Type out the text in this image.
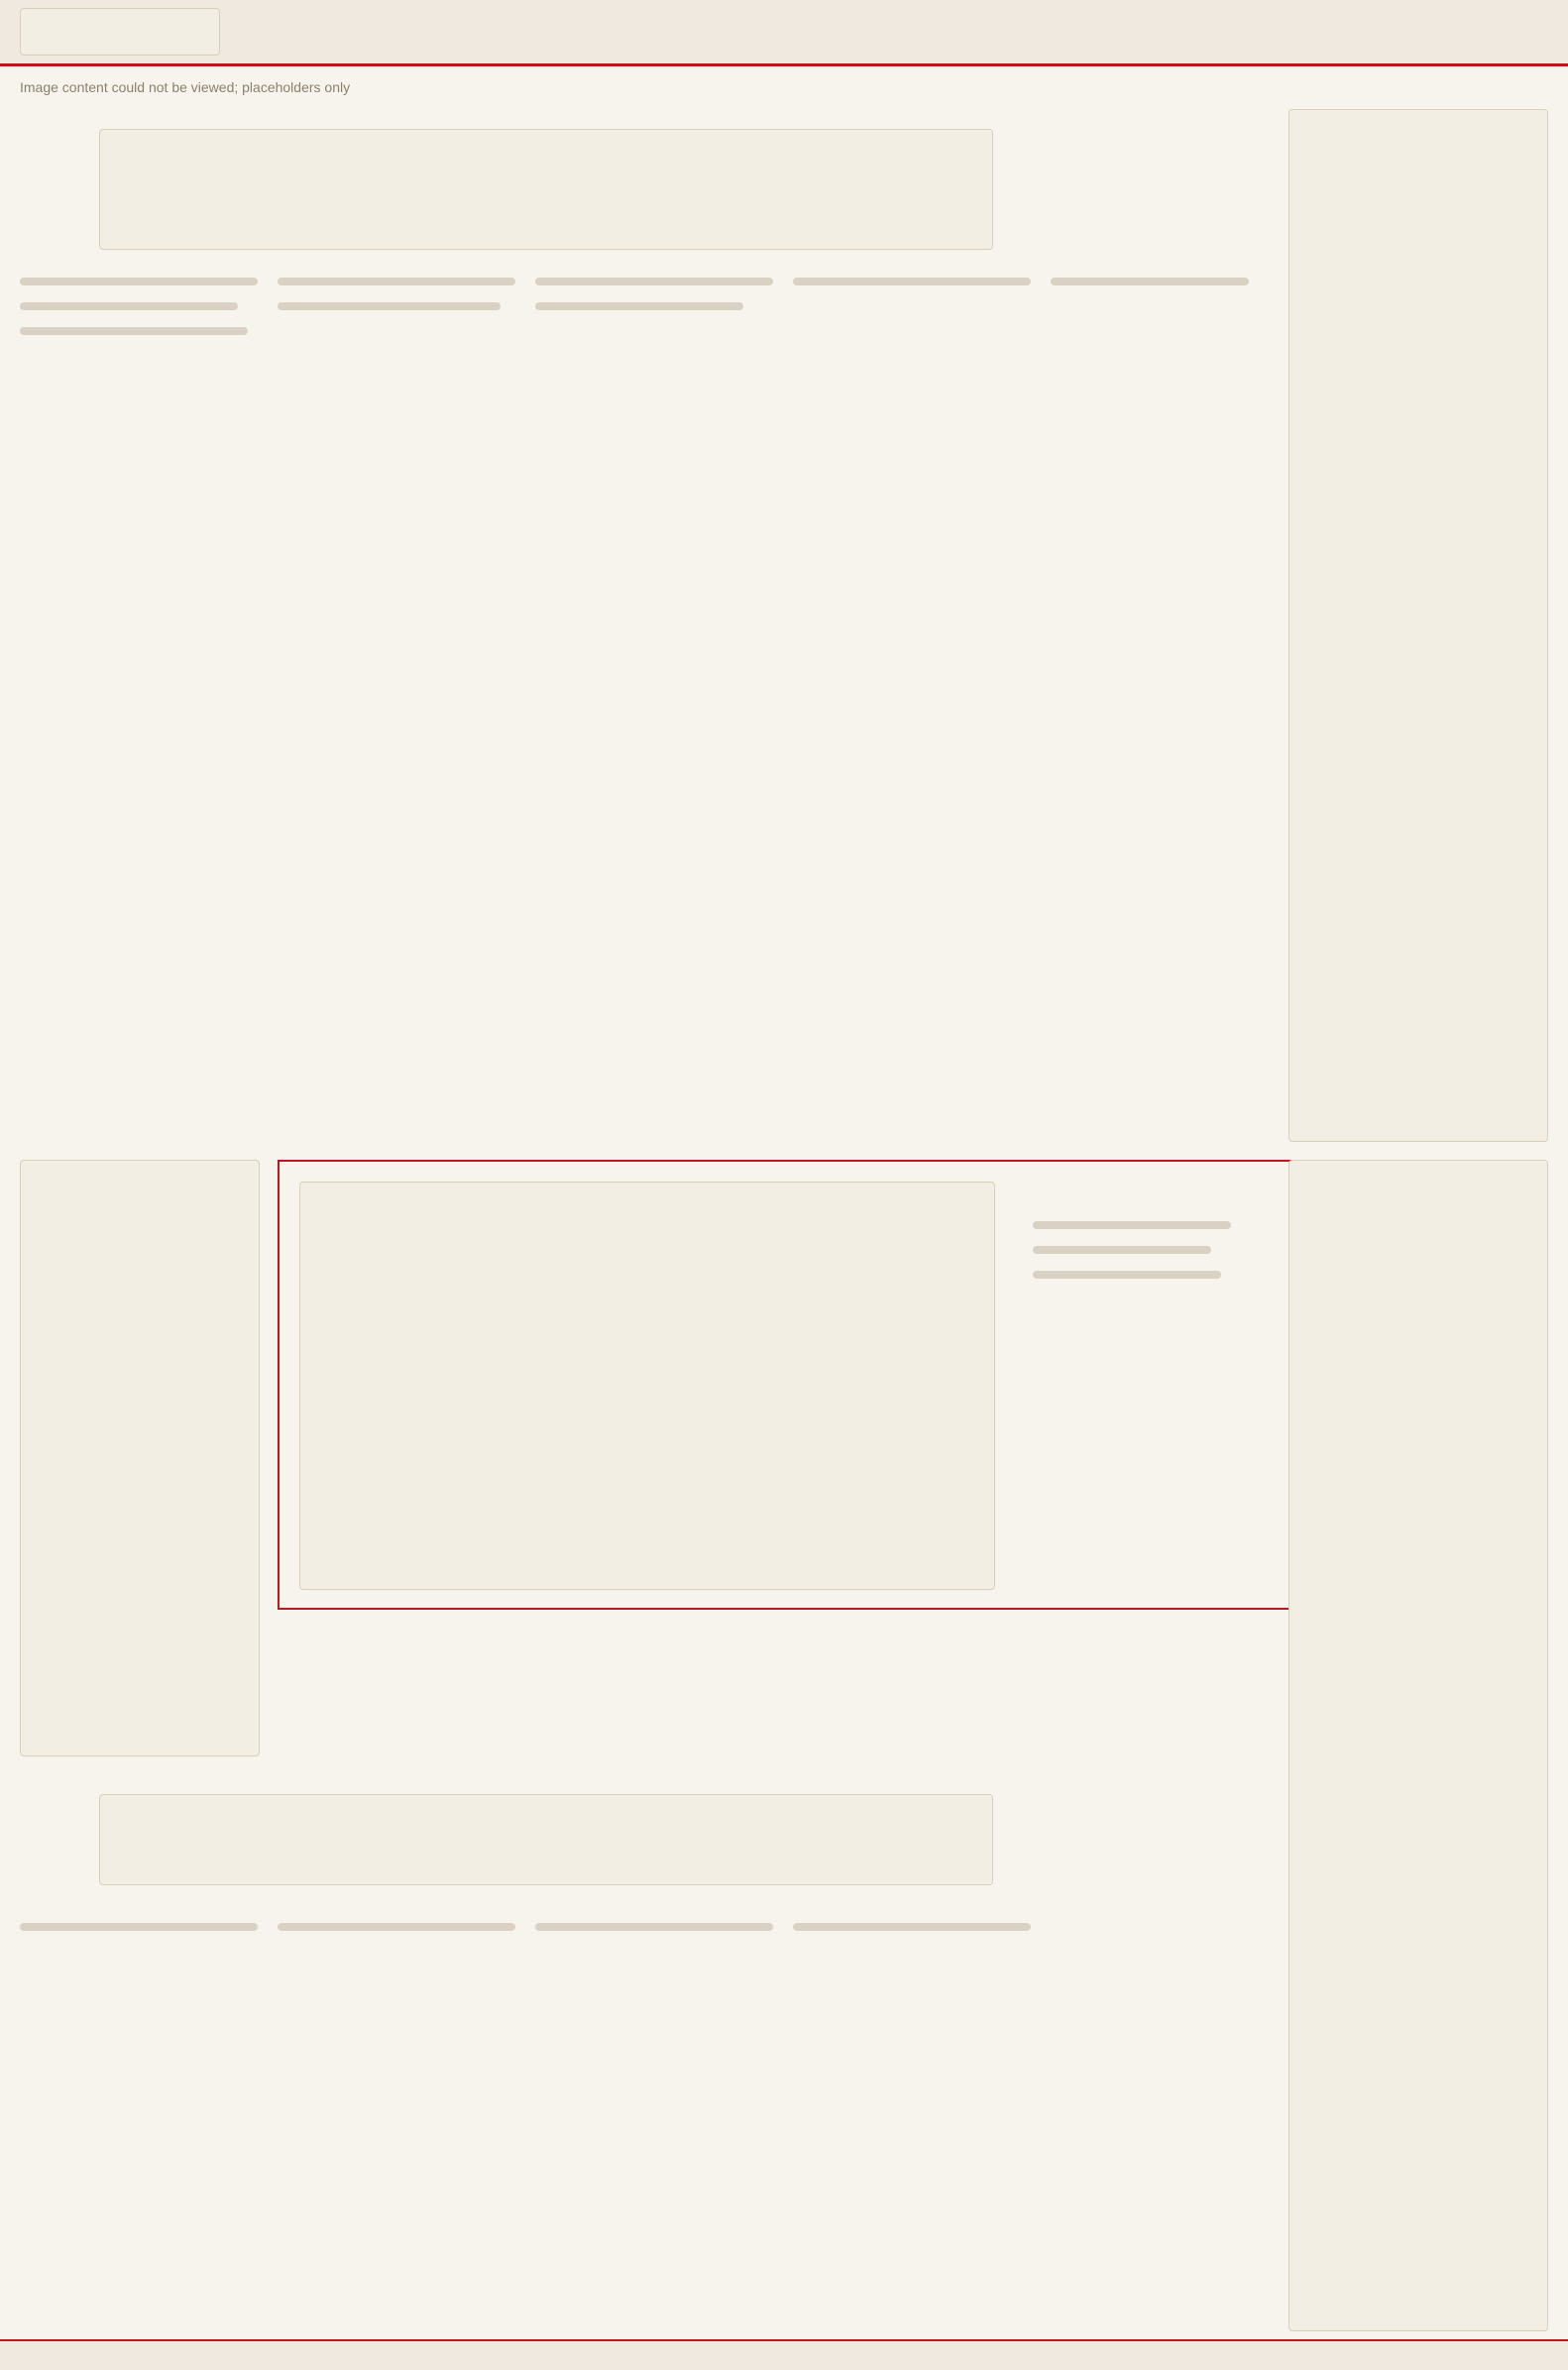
Image content could not be viewed; placeholders only
